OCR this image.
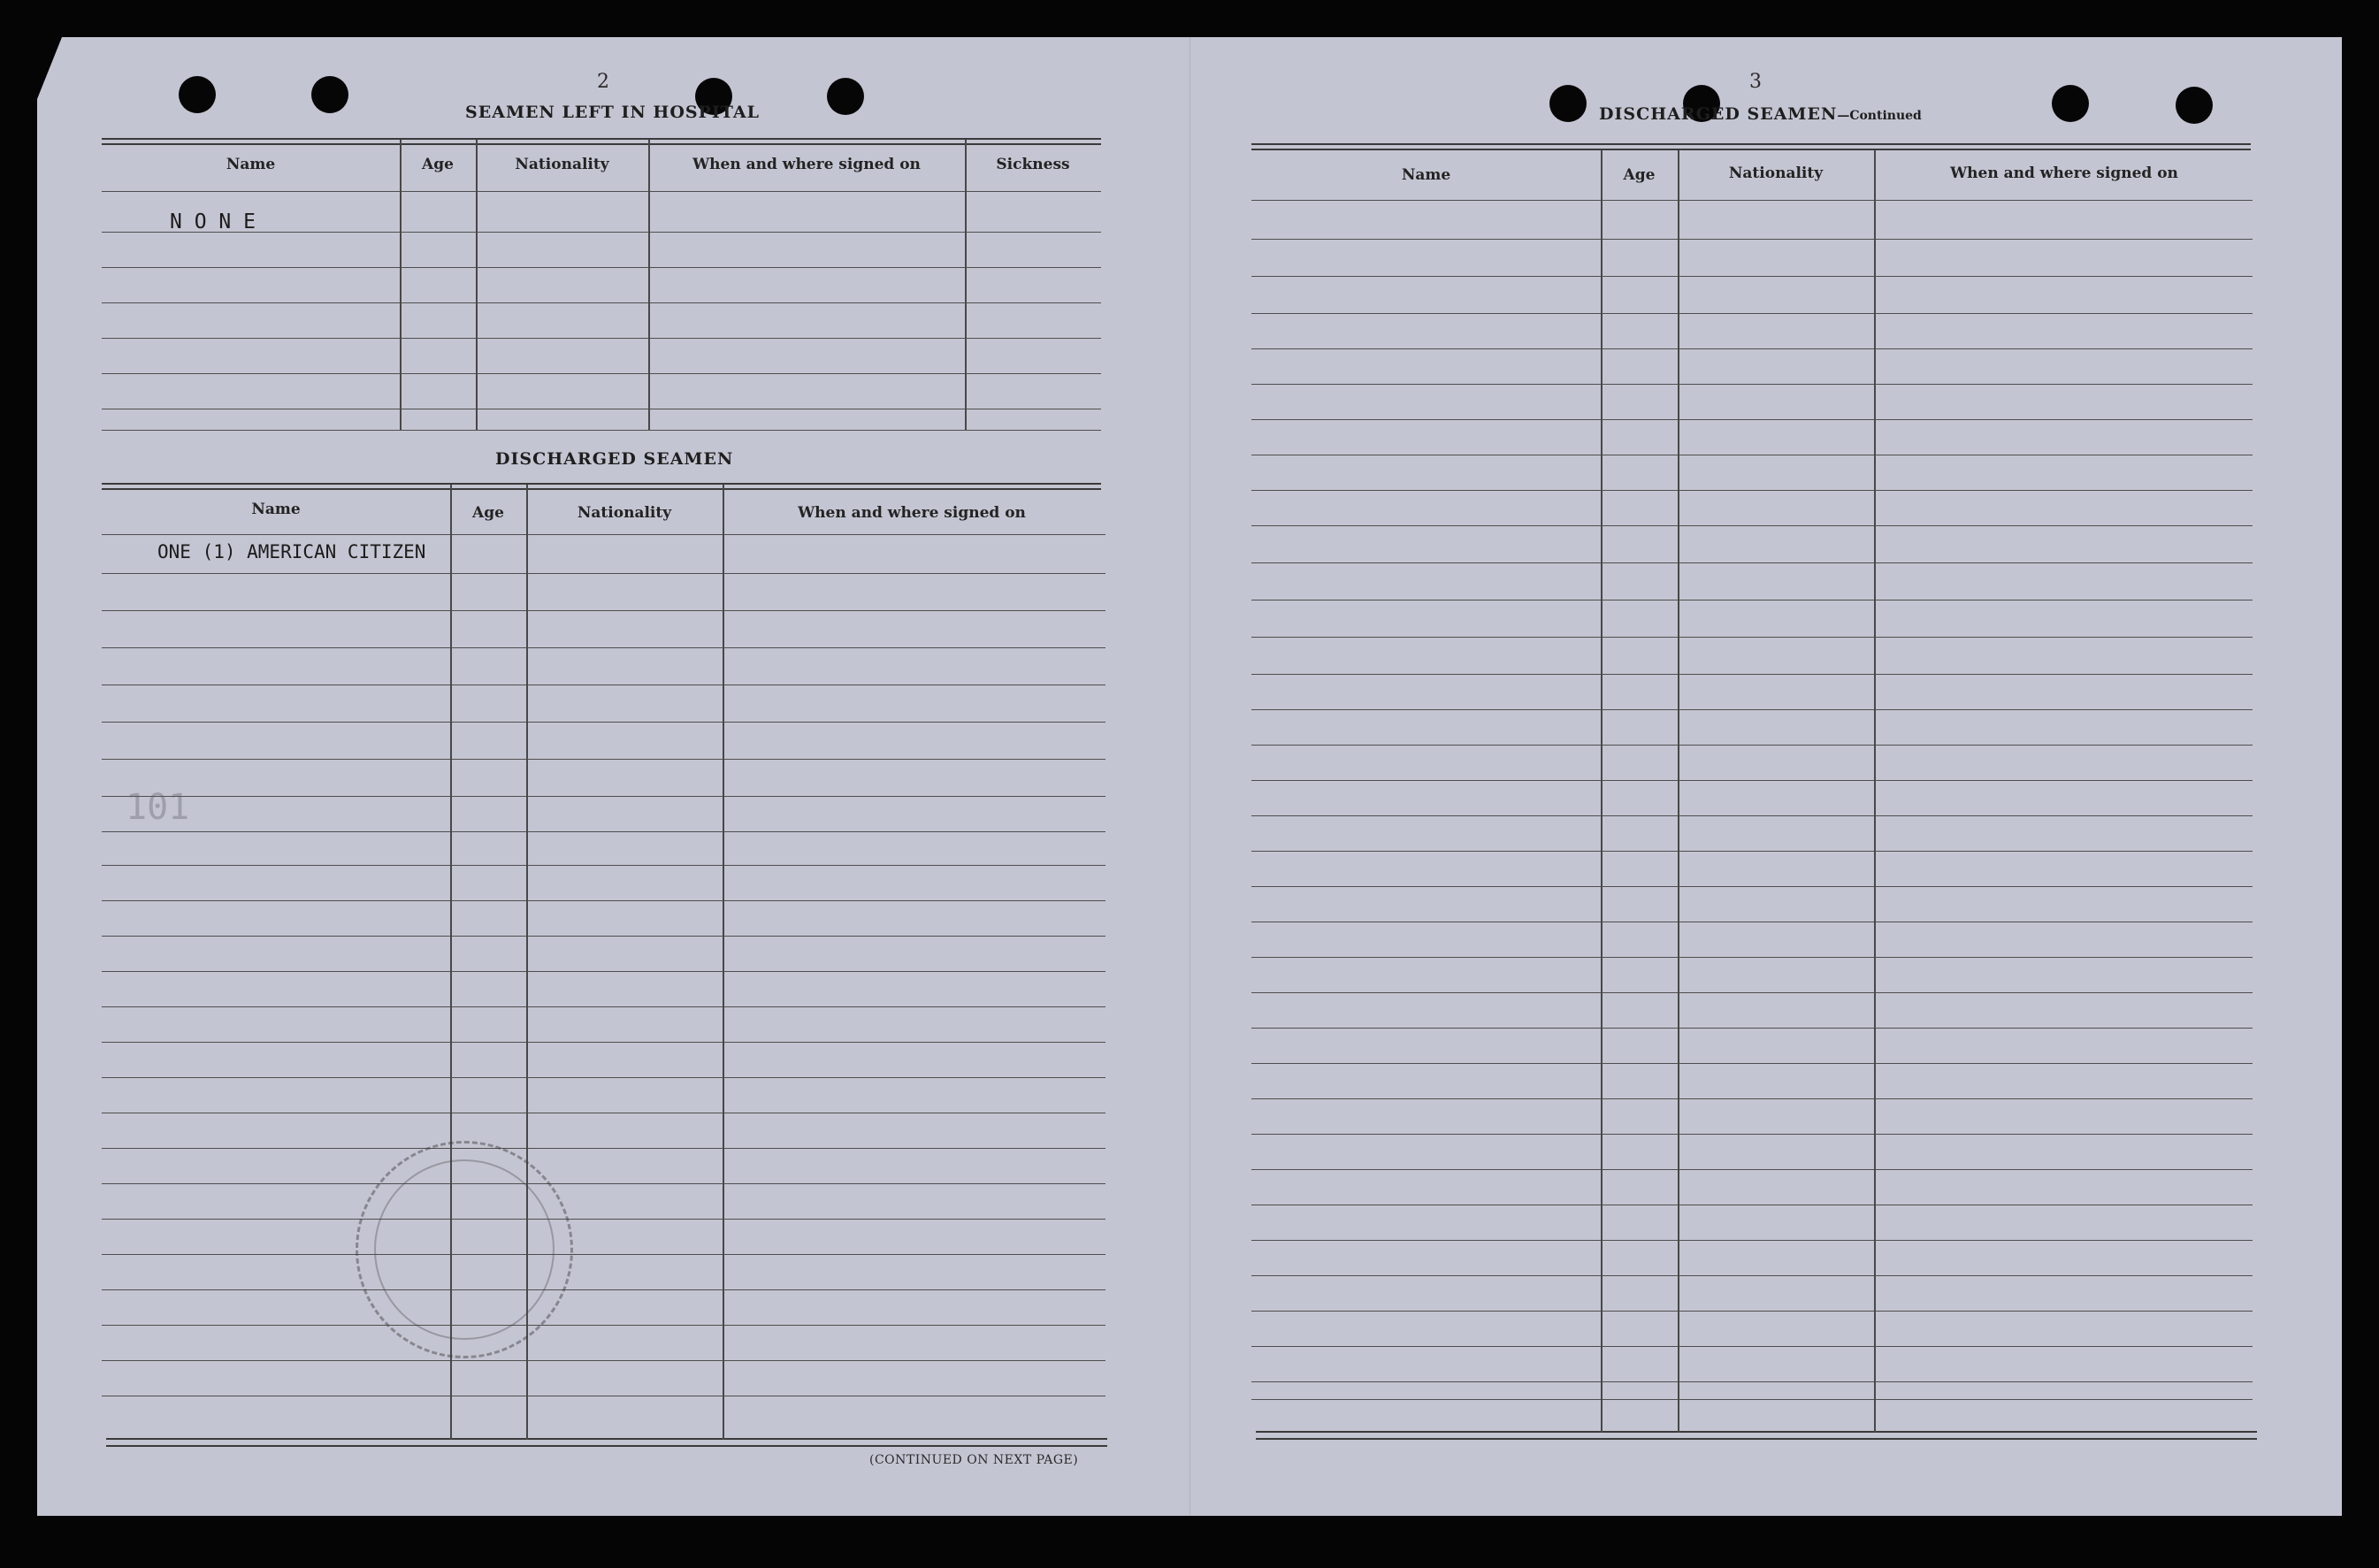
2
SEAMEN LEFT IN HOSPITAL
Name	Age	Nationality	When and where signed on	Sickness
N O N E
DISCHARGED SEAMEN
Name	Age	Nationality	When and where signed on
ONE (1) AMERICAN CITIZEN
101
(CONTINUED ON NEXT PAGE)
3
DISCHARGED SEAMEN—Continued
Name	Age	Nationality	When and where signed on
